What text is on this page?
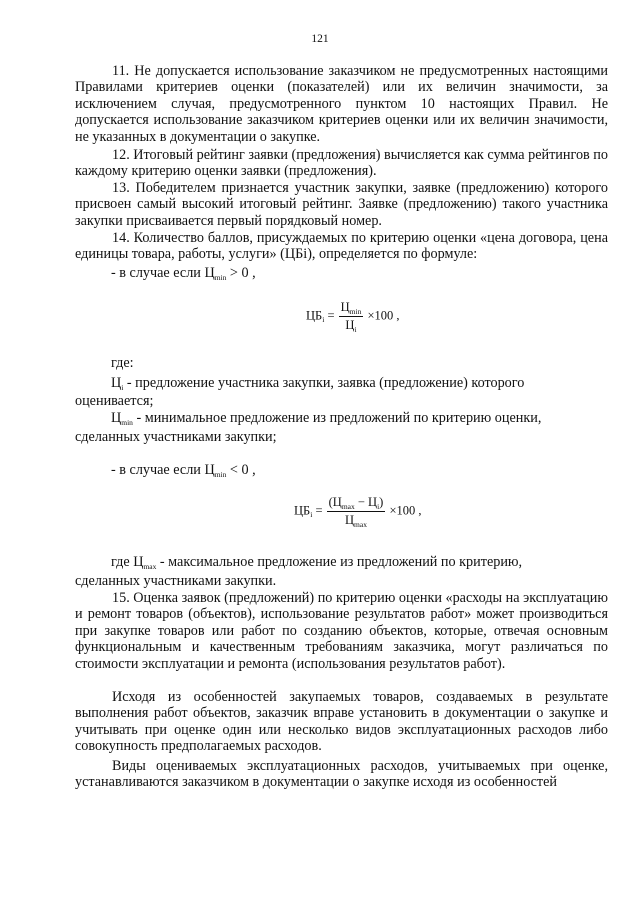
121

11. Не допускается использование заказчиком не предусмотренных настоящими Правилами критериев оценки (показателей) или их величин значимости, за исключением случая, предусмотренного пунктом 10 настоящих Правил. Не допускается использование заказчиком критериев оценки или их величин значимости, не указанных в документации о закупке.

12. Итоговый рейтинг заявки (предложения) вычисляется как сумма рейтингов по каждому критерию оценки заявки (предложения).

13. Победителем признается участник закупки, заявке (предложению) которого присвоен самый высокий итоговый рейтинг. Заявке (предложению) такого участника закупки присваивается первый порядковый номер.

14. Количество баллов, присуждаемых по критерию оценки «цена договора, цена единицы товара, работы, услуги» (ЦБi), определяется по формуле:

- в случае если $Ц_{min} > 0$ ,
$ЦБ_i = \frac{Ц_{min}}{Ц_i} \times 100$ ,
где:
$Ц_i$ - предложение участника закупки, заявка (предложение) которого
оценивается;
$Ц_{min}$ - минимальное предложение из предложений по критерию оценки,
сделанных участниками закупки;
- в случае если $Ц_{min} < 0$ ,
$ЦБ_i = \frac{(Ц_{max} - Ц_i)}{Ц_{max}} \times 100$ ,
где $Ц_{max}$ - максимальное предложение из предложений по критерию,
сделанных участниками закупки.

15. Оценка заявок (предложений) по критерию оценки «расходы на эксплуатацию и ремонт товаров (объектов), использование результатов работ» может производиться при закупке товаров или работ по созданию объектов, которые, отвечая основным функциональным и качественным требованиям заказчика, могут различаться по стоимости эксплуатации и ремонта (использования результатов работ).

Исходя из особенностей закупаемых товаров, создаваемых в результате выполнения работ объектов, заказчик вправе установить в документации о закупке и учитывать при оценке один или несколько видов эксплуатационных расходов либо совокупность предполагаемых расходов.

Виды оцениваемых эксплуатационных расходов, учитываемых при оценке, устанавливаются заказчиком в документации о закупке исходя из особенностей
